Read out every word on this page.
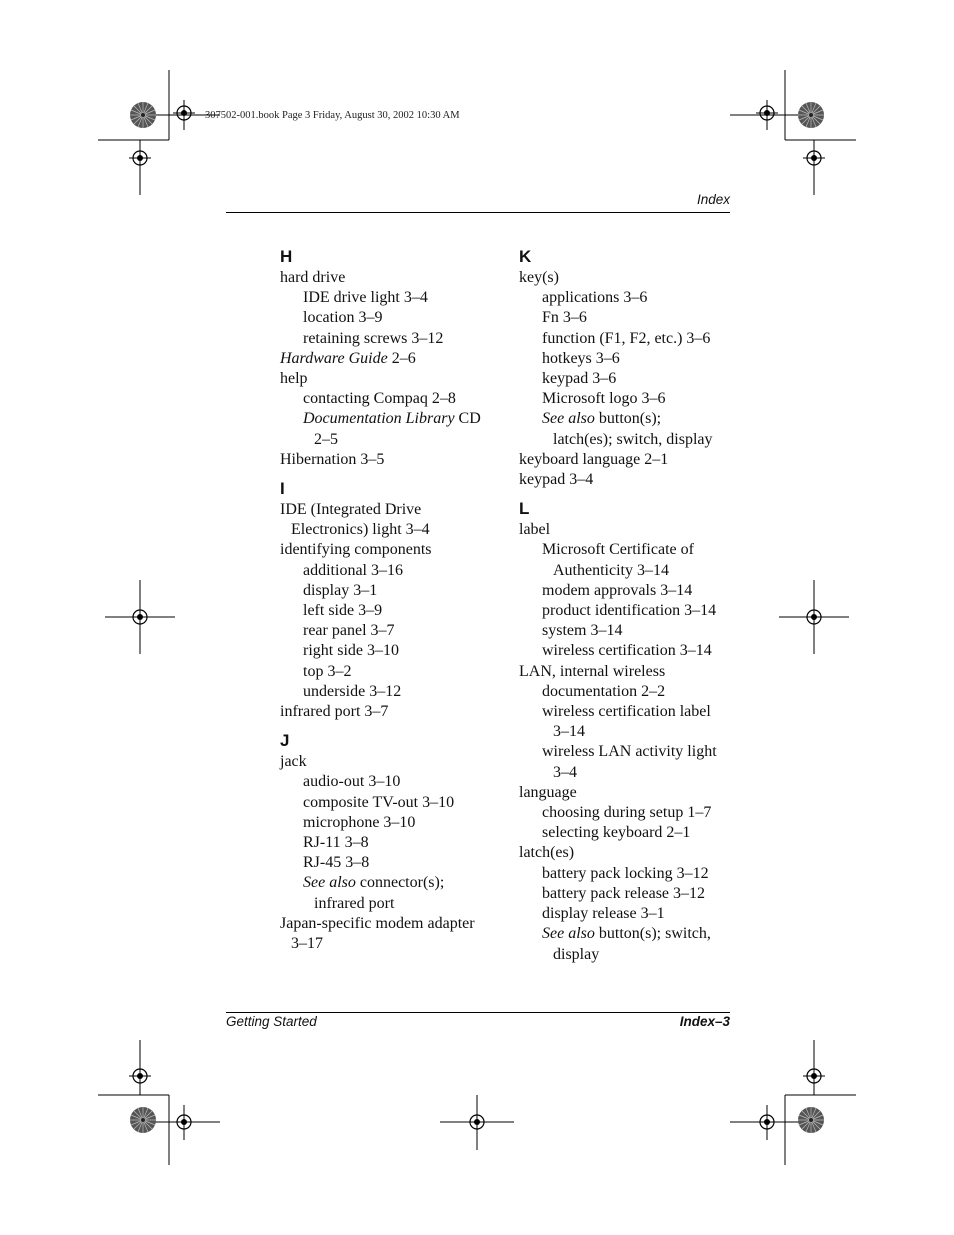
307502-001.book Page 3 Friday, August 30, 2002 10:30 AM
Index
H
hard drive
IDE drive light 3–4
location 3–9
retaining screws 3–12
Hardware Guide 2–6
help
contacting Compaq 2–8
Documentation Library CD
2–5
Hibernation 3–5
I
IDE (Integrated Drive
Electronics) light 3–4
identifying components
additional 3–16
display 3–1
left side 3–9
rear panel 3–7
right side 3–10
top 3–2
underside 3–12
infrared port 3–7
J
jack
audio-out 3–10
composite TV-out 3–10
microphone 3–10
RJ-11 3–8
RJ-45 3–8
See also connector(s);
infrared port
Japan-specific modem adapter
3–17
K
key(s)
applications 3–6
Fn 3–6
function (F1, F2, etc.) 3–6
hotkeys 3–6
keypad 3–6
Microsoft logo 3–6
See also button(s);
latch(es); switch, display
keyboard language 2–1
keypad 3–4
L
label
Microsoft Certificate of
Authenticity 3–14
modem approvals 3–14
product identification 3–14
system 3–14
wireless certification 3–14
LAN, internal wireless
documentation 2–2
wireless certification label
3–14
wireless LAN activity light
3–4
language
choosing during setup 1–7
selecting keyboard 2–1
latch(es)
battery pack locking 3–12
battery pack release 3–12
display release 3–1
See also button(s); switch,
display
Getting Started	Index–3
